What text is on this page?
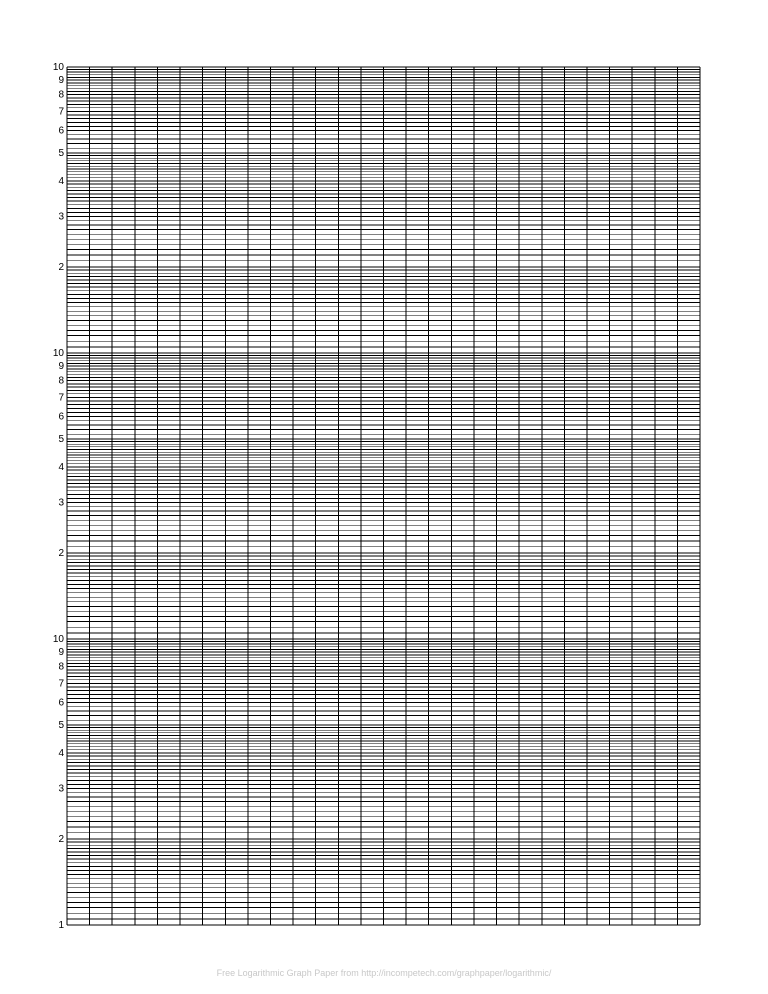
10
9
8
7
6
5
4
3
2
10
9
8
7
6
5
4
3
2
10
9
8
7
6
5
4
3
2
1
Free Logarithmic Graph Paper from http://incompetech.com/graphpaper/logarithmic/
